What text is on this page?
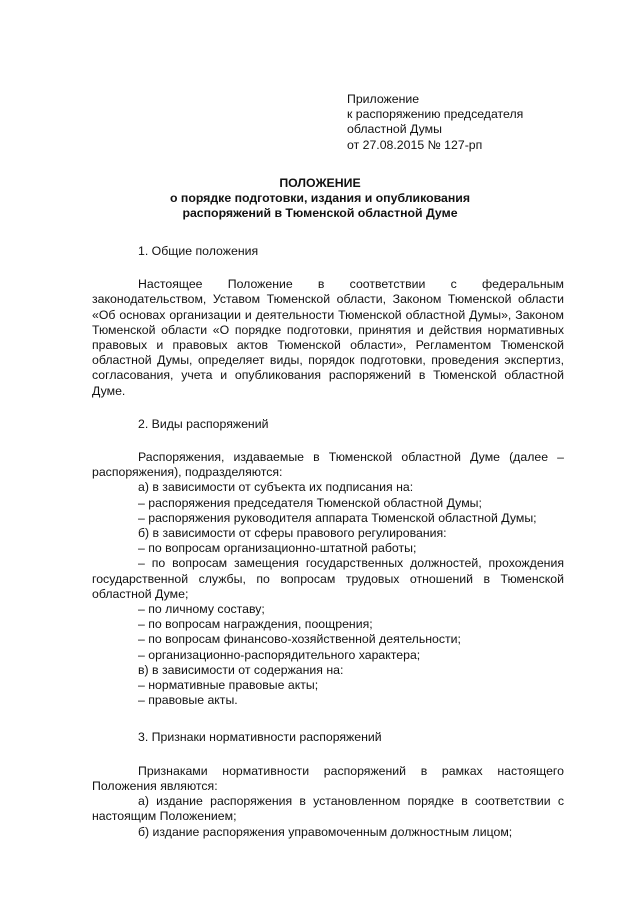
Приложение
к распоряжению председателя
областной Думы
от 27.08.2015 № 127-рп
ПОЛОЖЕНИЕ
о порядке подготовки, издания и опубликования
распоряжений в Тюменской областной Думе

1. Общие положения

Настоящее Положение в соответствии с федеральным законодательством, Уставом Тюменской области, Законом Тюменской области «Об основах организации и деятельности Тюменской областной Думы», Законом Тюменской области «О порядке подготовки, принятия и действия нормативных правовых и правовых актов Тюменской области», Регламентом Тюменской областной Думы, определяет виды, порядок подготовки, проведения экспертиз, согласования, учета и опубликования распоряжений в Тюменской областной Думе.

2. Виды распоряжений

Распоряжения, издаваемые в Тюменской областной Думе (далее – распоряжения), подразделяются:

а) в зависимости от субъекта их подписания на:

– распоряжения председателя Тюменской областной Думы;

– распоряжения руководителя аппарата Тюменской областной Думы;

б) в зависимости от сферы правового регулирования:

– по вопросам организационно-штатной работы;

– по вопросам замещения государственных должностей, прохождения государственной службы, по вопросам трудовых отношений в Тюменской областной Думе;

– по личному составу;

– по вопросам награждения, поощрения;

– по вопросам финансово-хозяйственной деятельности;

– организационно-распорядительного характера;

в) в зависимости от содержания на:

– нормативные правовые акты;

– правовые акты.

3. Признаки нормативности распоряжений

Признаками нормативности распоряжений в рамках настоящего Положения являются:

а) издание распоряжения в установленном порядке в соответствии с настоящим Положением;

б) издание распоряжения управомоченным должностным лицом;
